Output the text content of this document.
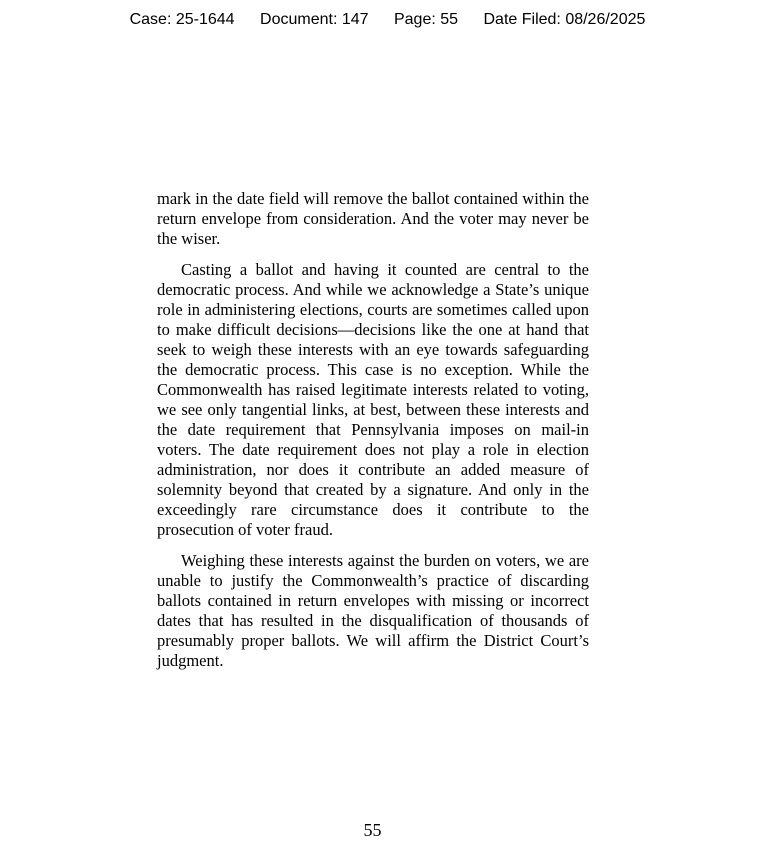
Case: 25-1644 Document: 147 Page: 55 Date Filed: 08/26/2025

mark in the date field will remove the ballot contained within the return envelope from consideration. And the voter may never be the wiser.

Casting a ballot and having it counted are central to the democratic process. And while we acknowledge a State’s unique role in administering elections, courts are sometimes called upon to make difficult decisions—decisions like the one at hand that seek to weigh these interests with an eye towards safeguarding the democratic process. This case is no exception. While the Commonwealth has raised legitimate interests related to voting, we see only tangential links, at best, between these interests and the date requirement that Pennsylvania imposes on mail-in voters. The date requirement does not play a role in election administration, nor does it contribute an added measure of solemnity beyond that created by a signature. And only in the exceedingly rare circumstance does it contribute to the prosecution of voter fraud.

Weighing these interests against the burden on voters, we are unable to justify the Commonwealth’s practice of discarding ballots contained in return envelopes with missing or incorrect dates that has resulted in the disqualification of thousands of presumably proper ballots. We will affirm the District Court’s judgment.

55
